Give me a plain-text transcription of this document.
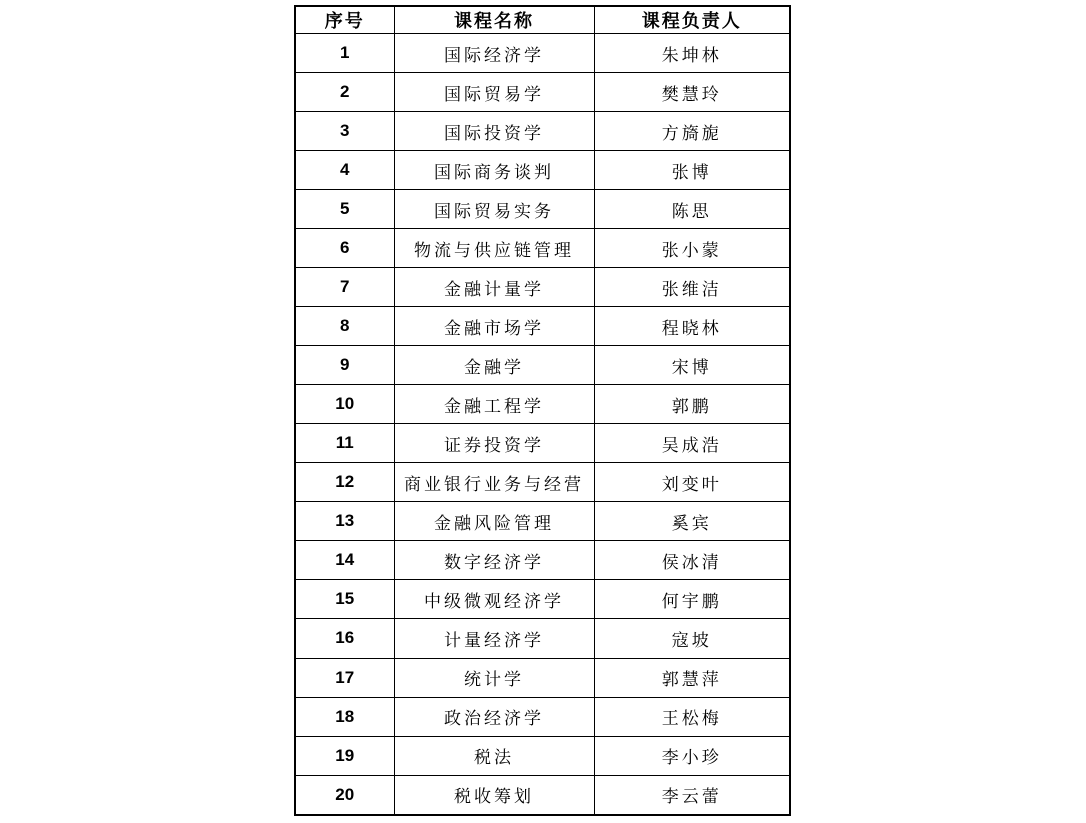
序号	课程名称	课程负责人
1	国际经济学	朱坤林
2	国际贸易学	樊慧玲
3	国际投资学	方旖旎
4	国际商务谈判	张博
5	国际贸易实务	陈思
6	物流与供应链管理	张小蒙
7	金融计量学	张维洁
8	金融市场学	程晓林
9	金融学	宋博
10	金融工程学	郭鹏
11	证券投资学	吴成浩
12	商业银行业务与经营	刘变叶
13	金融风险管理	奚宾
14	数字经济学	侯冰清
15	中级微观经济学	何宇鹏
16	计量经济学	寇坡
17	统计学	郭慧萍
18	政治经济学	王松梅
19	税法	李小珍
20	税收筹划	李云蕾
